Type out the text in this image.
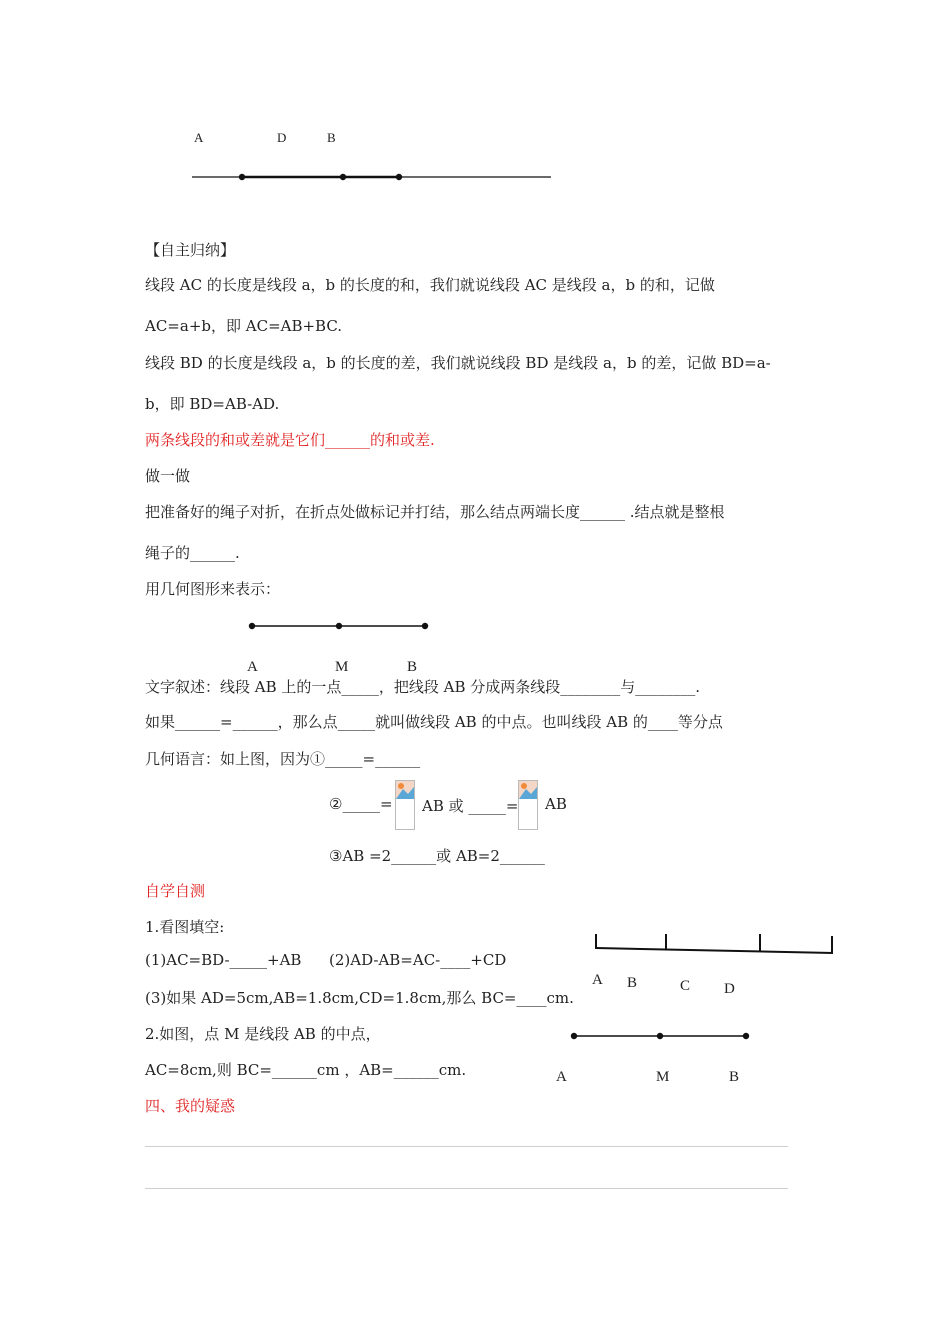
A	D	B
【自主归纳】
线段 AC 的长度是线段 a，b 的长度的和，我们就说线段 AC 是线段 a，b 的和，记做
AC=a+b，即 AC=AB+BC.
线段 BD 的长度是线段 a，b 的长度的差，我们就说线段 BD 是线段 a，b 的差，记做 BD=a-
b，即 BD=AB-AD.
两条线段的和或差就是它们______的和或差.
做一做
把准备好的绳子对折，在折点处做标记并打结，那么结点两端长度______ .结点就是整根
绳子的______.
用几何图形来表示：
A	M	B
文字叙述：线段 AB 上的一点_____，把线段 AB 分成两条线段________与________.
如果______=______，那么点_____就叫做线段 AB 的中点。也叫线段 AB 的____等分点
几何语言：如上图，因为①_____=______
②_____= AB 或 _____= AB
③AB =2______或 AB=2______
自学自测
1.看图填空:
(1)AC=BD-_____+AB (2)AD-AB=AC-____+CD
(3)如果 AD=5cm,AB=1.8cm,CD=1.8cm,那么 BC=____cm.
2.如图，点 M 是线段 AB 的中点，
AC=8cm,则 BC=______cm ，AB=______cm.
A B	C D
A	M	B
四、我的疑惑
